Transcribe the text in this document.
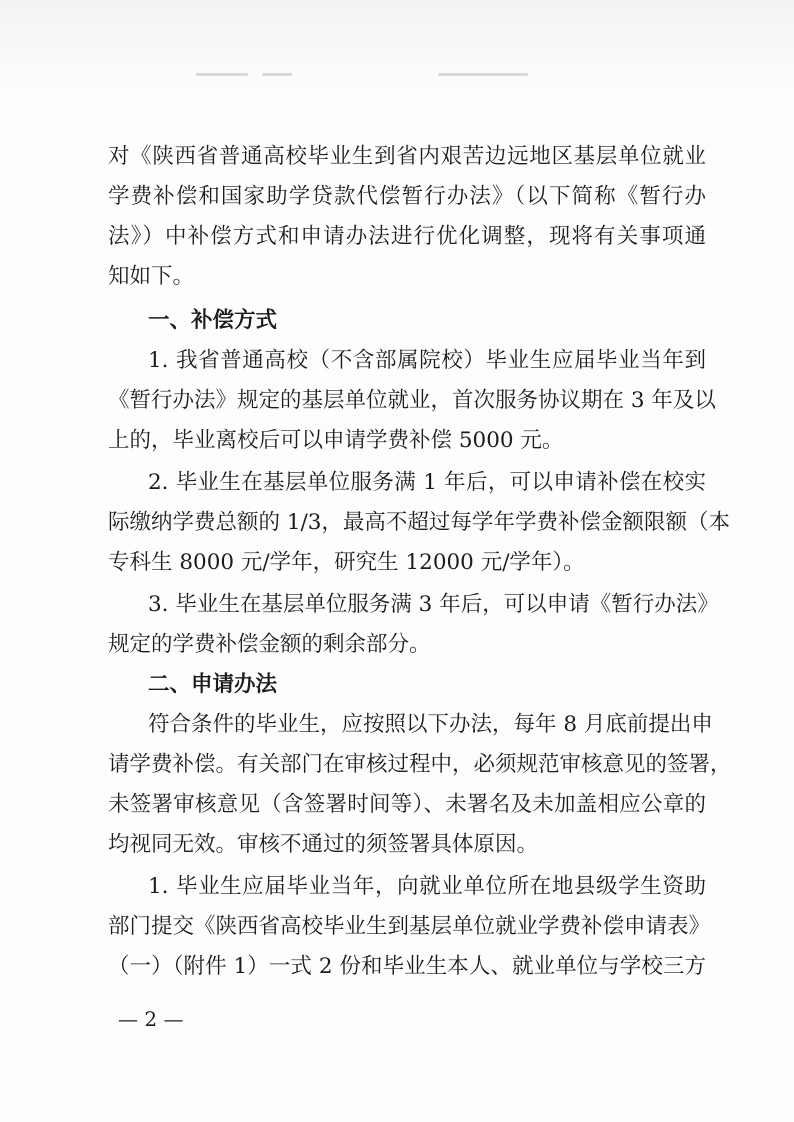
对《陕西省普通高校毕业生到省内艰苦边远地区基层单位就业
学费补偿和国家助学贷款代偿暂行办法》（以下简称《暂行办
法》）中补偿方式和申请办法进行优化调整，现将有关事项通
知如下。
一、补偿方式
1. 我省普通高校（不含部属院校）毕业生应届毕业当年到
《暂行办法》规定的基层单位就业，首次服务协议期在 3 年及以
上的，毕业离校后可以申请学费补偿 5000 元。
2. 毕业生在基层单位服务满 1 年后，可以申请补偿在校实
际缴纳学费总额的 1/3，最高不超过每学年学费补偿金额限额（本
专科生 8000 元/学年，研究生 12000 元/学年）。
3. 毕业生在基层单位服务满 3 年后，可以申请《暂行办法》
规定的学费补偿金额的剩余部分。
二、申请办法
符合条件的毕业生，应按照以下办法，每年 8 月底前提出申
请学费补偿。有关部门在审核过程中，必须规范审核意见的签署，
未签署审核意见（含签署时间等）、未署名及未加盖相应公章的
均视同无效。审核不通过的须签署具体原因。
1. 毕业生应届毕业当年，向就业单位所在地县级学生资助
部门提交《陕西省高校毕业生到基层单位就业学费补偿申请表》
（一）（附件 1）一式 2 份和毕业生本人、就业单位与学校三方
— 2 —
